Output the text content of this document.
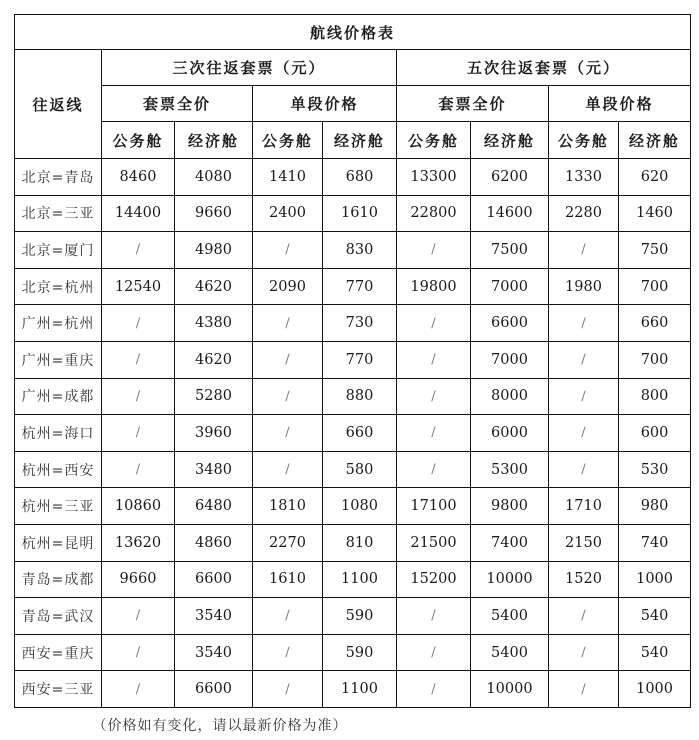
航线价格表								
往返线	三次往返套票（元）				五次往返套票（元）			
	套票全价		单段价格		套票全价		单段价格	
	公务舱	经济舱	公务舱	经济舱	公务舱	经济舱	公务舱	经济舱
北京=青岛	8460	4080	1410	680	13300	6200	1330	620
北京=三亚	14400	9660	2400	1610	22800	14600	2280	1460
北京=厦门	/	4980	/	830	/	7500	/	750
北京=杭州	12540	4620	2090	770	19800	7000	1980	700
广州=杭州	/	4380	/	730	/	6600	/	660
广州=重庆	/	4620	/	770	/	7000	/	700
广州=成都	/	5280	/	880	/	8000	/	800
杭州=海口	/	3960	/	660	/	6000	/	600
杭州=西安	/	3480	/	580	/	5300	/	530
杭州=三亚	10860	6480	1810	1080	17100	9800	1710	980
杭州=昆明	13620	4860	2270	810	21500	7400	2150	740
青岛=成都	9660	6600	1610	1100	15200	10000	1520	1000
青岛=武汉	/	3540	/	590	/	5400	/	540
西安=重庆	/	3540	/	590	/	5400	/	540
西安=三亚	/	6600	/	1100	/	10000	/	1000
（价格如有变化，请以最新价格为准）
